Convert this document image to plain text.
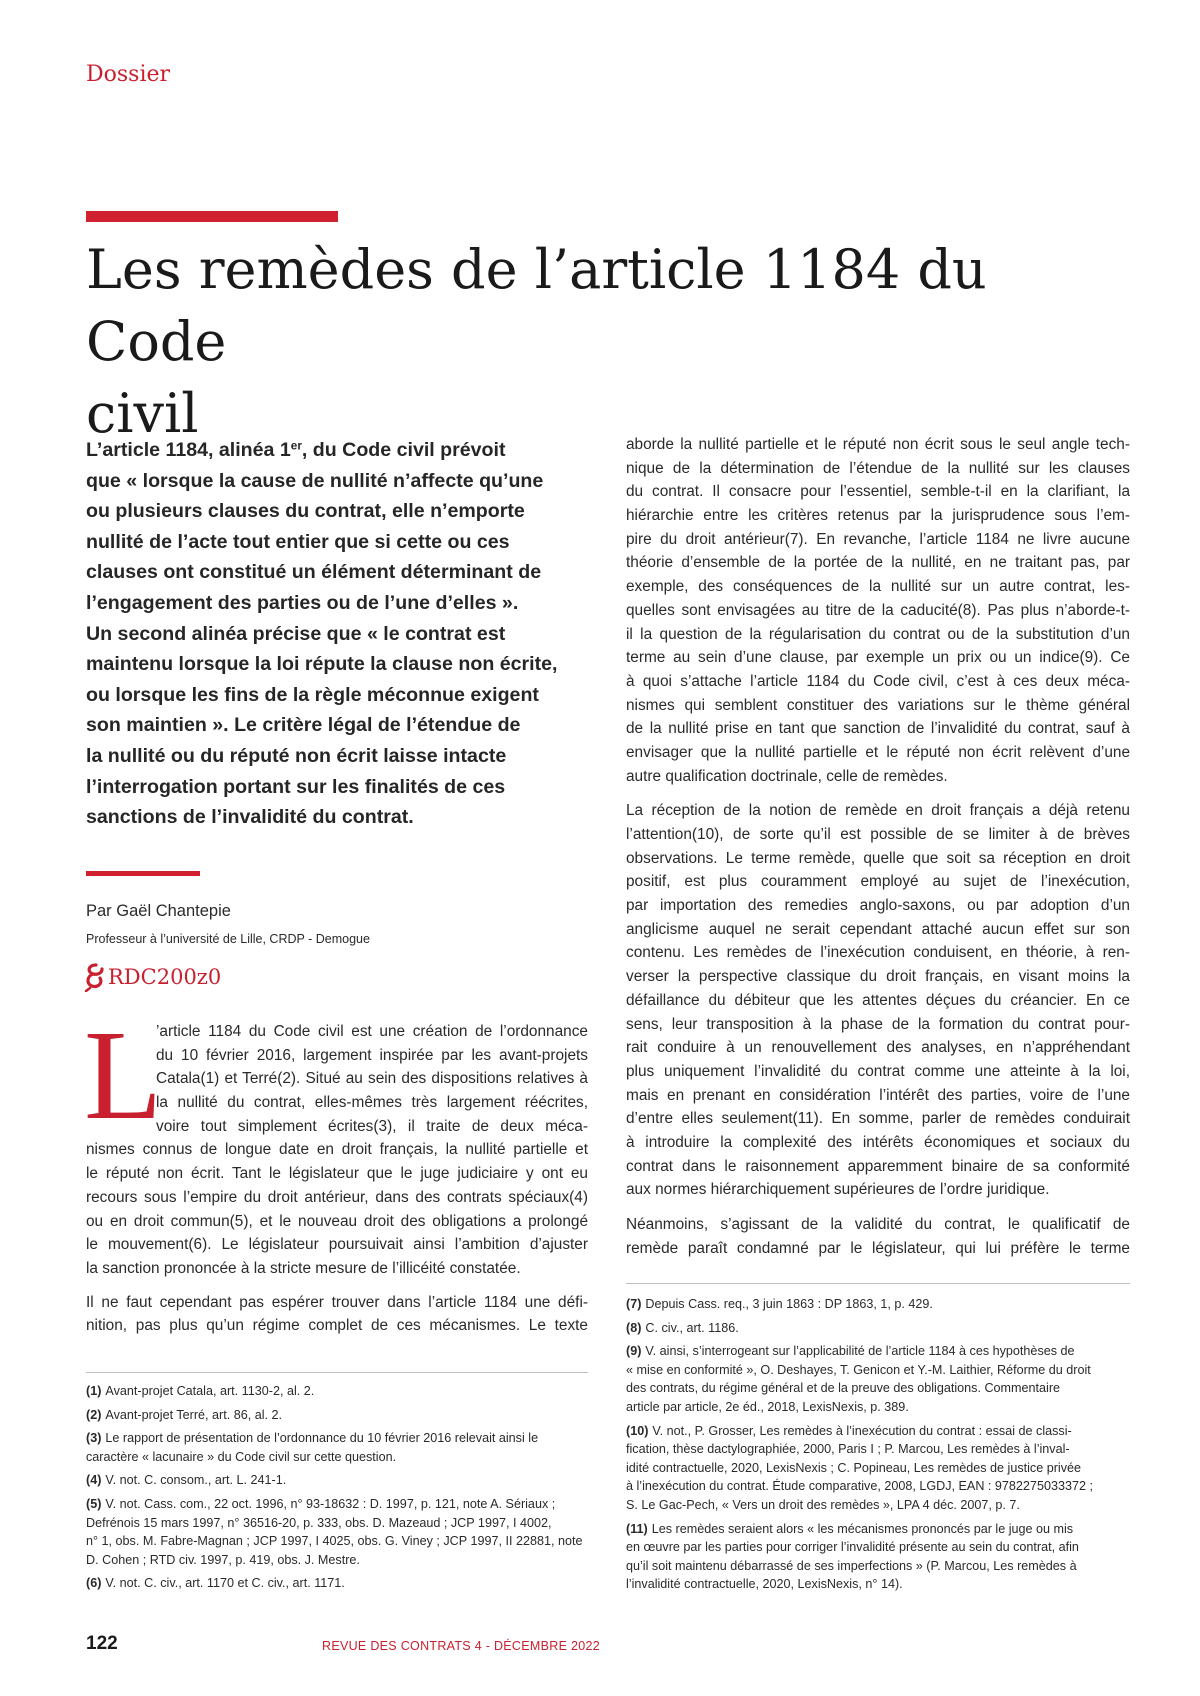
Dossier
Les remèdes de l’article 1184 du Code
civil
L’article 1184, alinéa 1er, du Code civil prévoit
que « lorsque la cause de nullité n’affecte qu’une
ou plusieurs clauses du contrat, elle n’emporte
nullité de l’acte tout entier que si cette ou ces
clauses ont constitué un élément déterminant de
l’engagement des parties ou de l’une d’elles ».
Un second alinéa précise que « le contrat est
maintenu lorsque la loi répute la clause non écrite,
ou lorsque les fins de la règle méconnue exigent
son maintien ». Le critère légal de l’étendue de
la nullité ou du réputé non écrit laisse intacte
l’interrogation portant sur les finalités de ces
sanctions de l’invalidité du contrat.
Par Gaël Chantepie
Professeur à l’université de Lille, CRDP - Demogue
RDC200z0
L

’article 1184 du Code civil est une création de l’ordonnance
du 10 février 2016, largement inspirée par les avant-projets
Catala(1) et Terré(2). Situé au sein des dispositions relatives à
la nullité du contrat, elles-mêmes très largement réécrites,
voire tout simplement écrites(3), il traite de deux méca-
nismes connus de longue date en droit français, la nullité partielle et
le réputé non écrit. Tant le législateur que le juge judiciaire y ont eu
recours sous l’empire du droit antérieur, dans des contrats spéciaux(4)
ou en droit commun(5), et le nouveau droit des obligations a prolongé
le mouvement(6). Le législateur poursuivait ainsi l’ambition d’ajuster
la sanction prononcée à la stricte mesure de l’illicéité constatée.

Il ne faut cependant pas espérer trouver dans l’article 1184 une défi-
nition, pas plus qu’un régime complet de ces mécanismes. Le texte

aborde la nullité partielle et le réputé non écrit sous le seul angle tech-
nique de la détermination de l’étendue de la nullité sur les clauses
du contrat. Il consacre pour l’essentiel, semble-t-il en la clarifiant, la
hiérarchie entre les critères retenus par la jurisprudence sous l’em-
pire du droit antérieur(7). En revanche, l’article 1184 ne livre aucune
théorie d’ensemble de la portée de la nullité, en ne traitant pas, par
exemple, des conséquences de la nullité sur un autre contrat, les-
quelles sont envisagées au titre de la caducité(8). Pas plus n’aborde-t-
il la question de la régularisation du contrat ou de la substitution d’un
terme au sein d’une clause, par exemple un prix ou un indice(9). Ce
à quoi s’attache l’article 1184 du Code civil, c’est à ces deux méca-
nismes qui semblent constituer des variations sur le thème général
de la nullité prise en tant que sanction de l’invalidité du contrat, sauf à
envisager que la nullité partielle et le réputé non écrit relèvent d’une
autre qualification doctrinale, celle de remèdes.

La réception de la notion de remède en droit français a déjà retenu
l’attention(10), de sorte qu’il est possible de se limiter à de brèves
observations. Le terme remède, quelle que soit sa réception en droit
positif, est plus couramment employé au sujet de l’inexécution,
par importation des remedies anglo-saxons, ou par adoption d’un
anglicisme auquel ne serait cependant attaché aucun effet sur son
contenu. Les remèdes de l’inexécution conduisent, en théorie, à ren-
verser la perspective classique du droit français, en visant moins la
défaillance du débiteur que les attentes déçues du créancier. En ce
sens, leur transposition à la phase de la formation du contrat pour-
rait conduire à un renouvellement des analyses, en n’appréhendant
plus uniquement l’invalidité du contrat comme une atteinte à la loi,
mais en prenant en considération l’intérêt des parties, voire de l’une
d’entre elles seulement(11). En somme, parler de remèdes conduirait
à introduire la complexité des intérêts économiques et sociaux du
contrat dans le raisonnement apparemment binaire de sa conformité
aux normes hiérarchiquement supérieures de l’ordre juridique.

Néanmoins, s’agissant de la validité du contrat, le qualificatif de
remède paraît condamné par le législateur, qui lui préfère le terme

(1) Avant-projet Catala, art. 1130-2, al. 2.
(2) Avant-projet Terré, art. 86, al. 2.
(3) Le rapport de présentation de l’ordonnance du 10 février 2016 relevait ainsi le
caractère « lacunaire » du Code civil sur cette question.
(4) V. not. C. consom., art. L. 241-1.
(5) V. not. Cass. com., 22 oct. 1996, n° 93-18632 : D. 1997, p. 121, note A. Sériaux ;
Defrénois 15 mars 1997, n° 36516-20, p. 333, obs. D. Mazeaud ; JCP 1997, I 4002,
n° 1, obs. M. Fabre-Magnan ; JCP 1997, I 4025, obs. G. Viney ; JCP 1997, II 22881, note
D. Cohen ; RTD civ. 1997, p. 419, obs. J. Mestre.
(6) V. not. C. civ., art. 1170 et C. civ., art. 1171.
(7) Depuis Cass. req., 3 juin 1863 : DP 1863, 1, p. 429.
(8) C. civ., art. 1186.
(9) V. ainsi, s’interrogeant sur l’applicabilité de l’article 1184 à ces hypothèses de
« mise en conformité », O. Deshayes, T. Genicon et Y.-M. Laithier, Réforme du droit
des contrats, du régime général et de la preuve des obligations. Commentaire
article par article, 2e éd., 2018, LexisNexis, p. 389.
(10) V. not., P. Grosser, Les remèdes à l’inexécution du contrat : essai de classi-
fication, thèse dactylographiée, 2000, Paris I ; P. Marcou, Les remèdes à l’inval-
idité contractuelle, 2020, LexisNexis ; C. Popineau, Les remèdes de justice privée
à l’inexécution du contrat. Étude comparative, 2008, LGDJ, EAN : 9782275033372 ;
S. Le Gac-Pech, « Vers un droit des remèdes », LPA 4 déc. 2007, p. 7.
(11) Les remèdes seraient alors « les mécanismes prononcés par le juge ou mis
en œuvre par les parties pour corriger l’invalidité présente au sein du contrat, afin
qu’il soit maintenu débarrassé de ses imperfections » (P. Marcou, Les remèdes à
l’invalidité contractuelle, 2020, LexisNexis, n° 14).
122	REVUE DES CONTRATS 4 - DÉCEMBRE 2022
